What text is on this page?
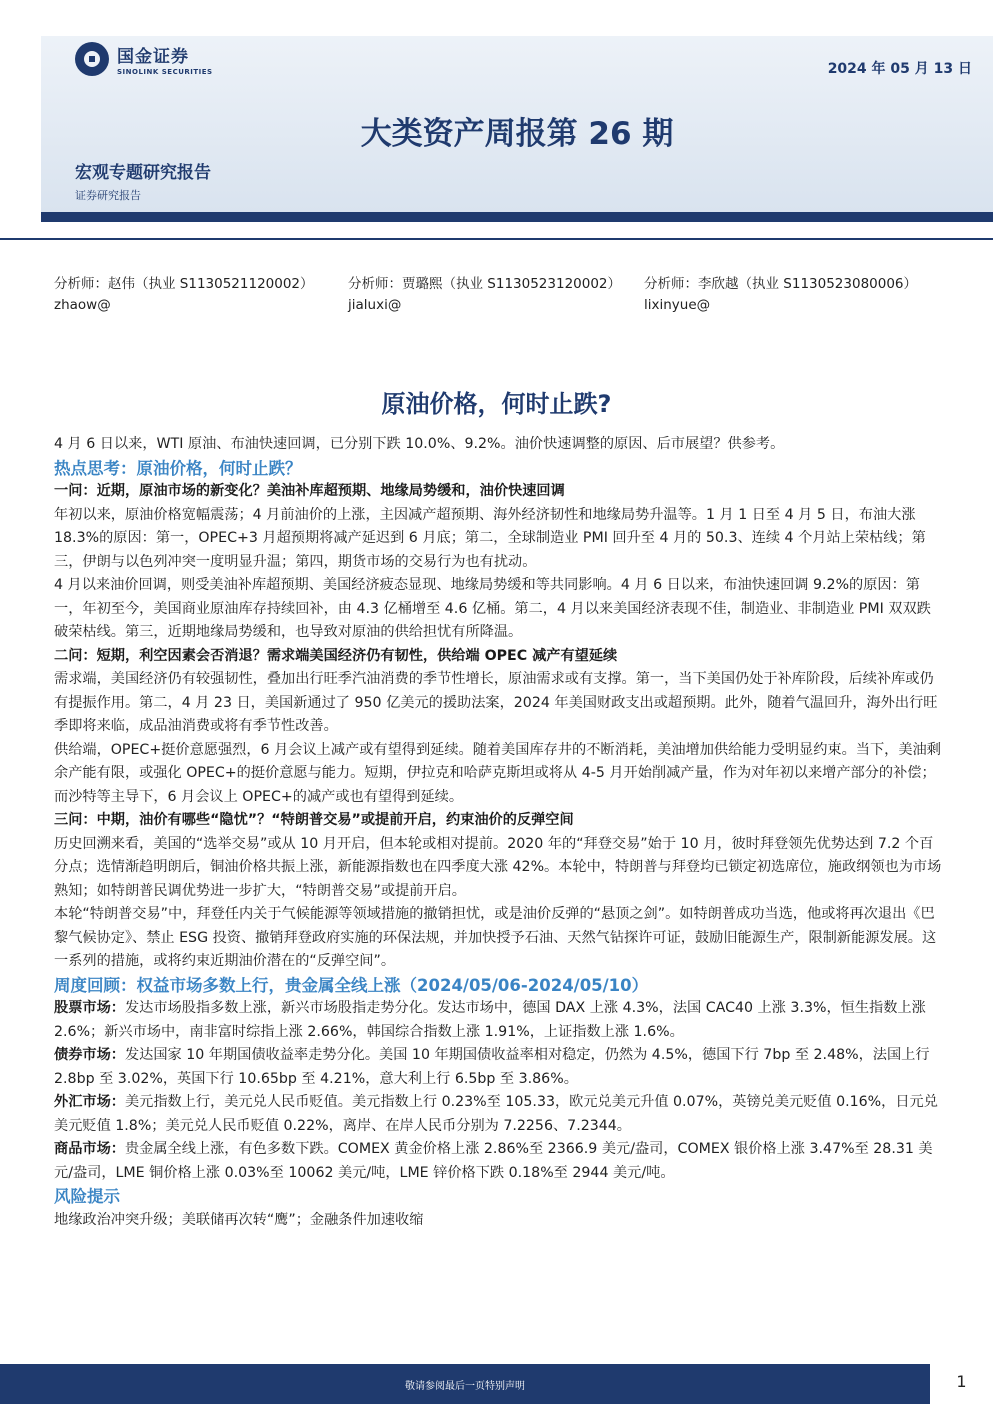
国金证券
SINOLINK SECURITIES	2024 年 05 月 13 日
大类资产周报第 26 期
宏观专题研究报告
证券研究报告
分析师：赵伟（执业 S1130521120002）
zhaow@
分析师：贾璐熙（执业 S1130523120002）
jialuxi@
分析师：李欣越（执业 S1130523080006）
lixinyue@
原油价格，何时止跌?

4 月 6 日以来，WTI 原油、布油快速回调，已分别下跌 10.0%、9.2%。油价快速调整的原因、后市展望？供参考。

热点思考：原油价格，何时止跌？

一问：近期，原油市场的新变化？美油补库超预期、地缘局势缓和，油价快速回调

年初以来，原油价格宽幅震荡；4 月前油价的上涨，主因减产超预期、海外经济韧性和地缘局势升温等。1 月 1 日至 4 月 5 日，布油大涨 18.3%的原因：第一，OPEC+3 月超预期将减产延迟到 6 月底；第二，全球制造业 PMI 回升至 4 月的 50.3、连续 4 个月站上荣枯线；第三，伊朗与以色列冲突一度明显升温；第四，期货市场的交易行为也有扰动。

4 月以来油价回调，则受美油补库超预期、美国经济疲态显现、地缘局势缓和等共同影响。4 月 6 日以来，布油快速回调 9.2%的原因：第一，年初至今，美国商业原油库存持续回补，由 4.3 亿桶增至 4.6 亿桶。第二，4 月以来美国经济表现不佳，制造业、非制造业 PMI 双双跌破荣枯线。第三，近期地缘局势缓和，也导致对原油的供给担忧有所降温。

二问：短期，利空因素会否消退？需求端美国经济仍有韧性，供给端 OPEC 减产有望延续

需求端，美国经济仍有较强韧性，叠加出行旺季汽油消费的季节性增长，原油需求或有支撑。第一，当下美国仍处于补库阶段，后续补库或仍有提振作用。第二，4 月 23 日，美国新通过了 950 亿美元的援助法案，2024 年美国财政支出或超预期。此外，随着气温回升，海外出行旺季即将来临，成品油消费或将有季节性改善。

供给端，OPEC+挺价意愿强烈，6 月会议上减产或有望得到延续。随着美国库存井的不断消耗，美油增加供给能力受明显约束。当下，美油剩余产能有限，或强化 OPEC+的挺价意愿与能力。短期，伊拉克和哈萨克斯坦或将从 4-5 月开始削减产量，作为对年初以来增产部分的补偿；而沙特等主导下，6 月会议上 OPEC+的减产或也有望得到延续。

三问：中期，油价有哪些“隐忧”？“特朗普交易”或提前开启，约束油价的反弹空间

历史回溯来看，美国的“选举交易”或从 10 月开启，但本轮或相对提前。2020 年的“拜登交易”始于 10 月，彼时拜登领先优势达到 7.2 个百分点；选情渐趋明朗后，铜油价格共振上涨，新能源指数也在四季度大涨 42%。本轮中，特朗普与拜登均已锁定初选席位，施政纲领也为市场熟知；如特朗普民调优势进一步扩大，“特朗普交易”或提前开启。

本轮“特朗普交易”中，拜登任内关于气候能源等领域措施的撤销担忧，或是油价反弹的“悬顶之剑”。如特朗普成功当选，他或将再次退出《巴黎气候协定》、禁止 ESG 投资、撤销拜登政府实施的环保法规，并加快授予石油、天然气钻探许可证，鼓励旧能源生产，限制新能源发展。这一系列的措施，或将约束近期油价潜在的“反弹空间”。

周度回顾：权益市场多数上行，贵金属全线上涨（2024/05/06-2024/05/10）

股票市场：发达市场股指多数上涨，新兴市场股指走势分化。发达市场中，德国 DAX 上涨 4.3%，法国 CAC40 上涨 3.3%，恒生指数上涨 2.6%；新兴市场中，南非富时综指上涨 2.66%，韩国综合指数上涨 1.91%，上证指数上涨 1.6%。

债券市场：发达国家 10 年期国债收益率走势分化。美国 10 年期国债收益率相对稳定，仍然为 4.5%，德国下行 7bp 至 2.48%，法国上行 2.8bp 至 3.02%，英国下行 10.65bp 至 4.21%，意大利上行 6.5bp 至 3.86%。

外汇市场：美元指数上行，美元兑人民币贬值。美元指数上行 0.23%至 105.33，欧元兑美元升值 0.07%，英镑兑美元贬值 0.16%，日元兑美元贬值 1.8%；美元兑人民币贬值 0.22%，离岸、在岸人民币分别为 7.2256、7.2344。

商品市场：贵金属全线上涨，有色多数下跌。COMEX 黄金价格上涨 2.86%至 2366.9 美元/盎司，COMEX 银价格上涨 3.47%至 28.31 美元/盎司，LME 铜价格上涨 0.03%至 10062 美元/吨，LME 锌价格下跌 0.18%至 2944 美元/吨。

风险提示

地缘政治冲突升级；美联储再次转“鹰”；金融条件加速收缩

敬请参阅最后一页特别声明	1
